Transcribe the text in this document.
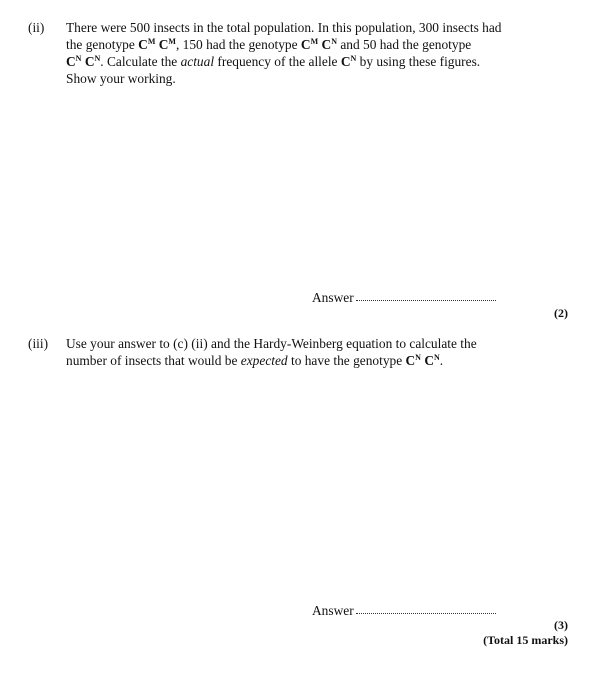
(ii) There were 500 insects in the total population. In this population, 300 insects had
the genotype $C^M$ $C^M$, 150 had the genotype $C^M$ $C^N$ and 50 had the genotype
$C^N$ $C^N$. Calculate the actual frequency of the allele $C^N$ by using these figures.
Show your working.
Answer
(2)
(iii) Use your answer to (c) (ii) and the Hardy-Weinberg equation to calculate the
number of insects that would be expected to have the genotype $C^N$ $C^N$.
Answer
(3)
(Total 15 marks)
